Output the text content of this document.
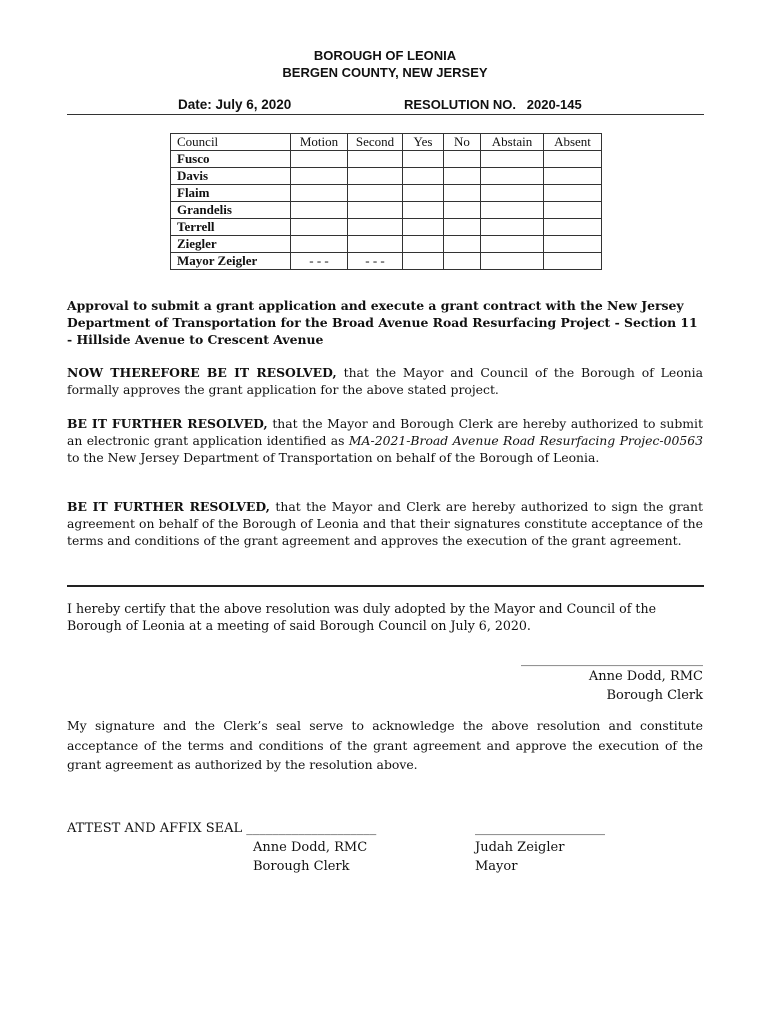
BOROUGH OF LEONIA
BERGEN COUNTY, NEW JERSEY
Date: July 6, 2020	RESOLUTION NO. 2020-145
Council	Motion	Second	Yes	No	Abstain	Absent
Fusco						
Davis						
Flaim						
Grandelis						
Terrell						
Ziegler						
Mayor Zeigler	- - -	- - -				
Approval to submit a grant application and execute a grant contract with the New Jersey Department of Transportation for the Broad Avenue Road Resurfacing Project - Section 11 - Hillside Avenue to Crescent Avenue
NOW THEREFORE BE IT RESOLVED, that the Mayor and Council of the Borough of Leonia formally approves the grant application for the above stated project.
BE IT FURTHER RESOLVED, that the Mayor and Borough Clerk are hereby authorized to submit an electronic grant application identified as MA-2021-Broad Avenue Road Resurfacing Projec-00563 to the New Jersey Department of Transportation on behalf of the Borough of Leonia.
BE IT FURTHER RESOLVED, that the Mayor and Clerk are hereby authorized to sign the grant agreement on behalf of the Borough of Leonia and that their signatures constitute acceptance of the terms and conditions of the grant agreement and approves the execution of the grant agreement.
I hereby certify that the above resolution was duly adopted by the Mayor and Council of the Borough of Leonia at a meeting of said Borough Council on July 6, 2020.
____________________________
Anne Dodd, RMC
Borough Clerk
My signature and the Clerk’s seal serve to acknowledge the above resolution and constitute acceptance of the terms and conditions of the grant agreement and approve the execution of the grant agreement as authorized by the resolution above.
ATTEST AND AFFIX SEAL ____________________
Anne Dodd, RMC
Borough Clerk
____________________
Judah Zeigler
Mayor
